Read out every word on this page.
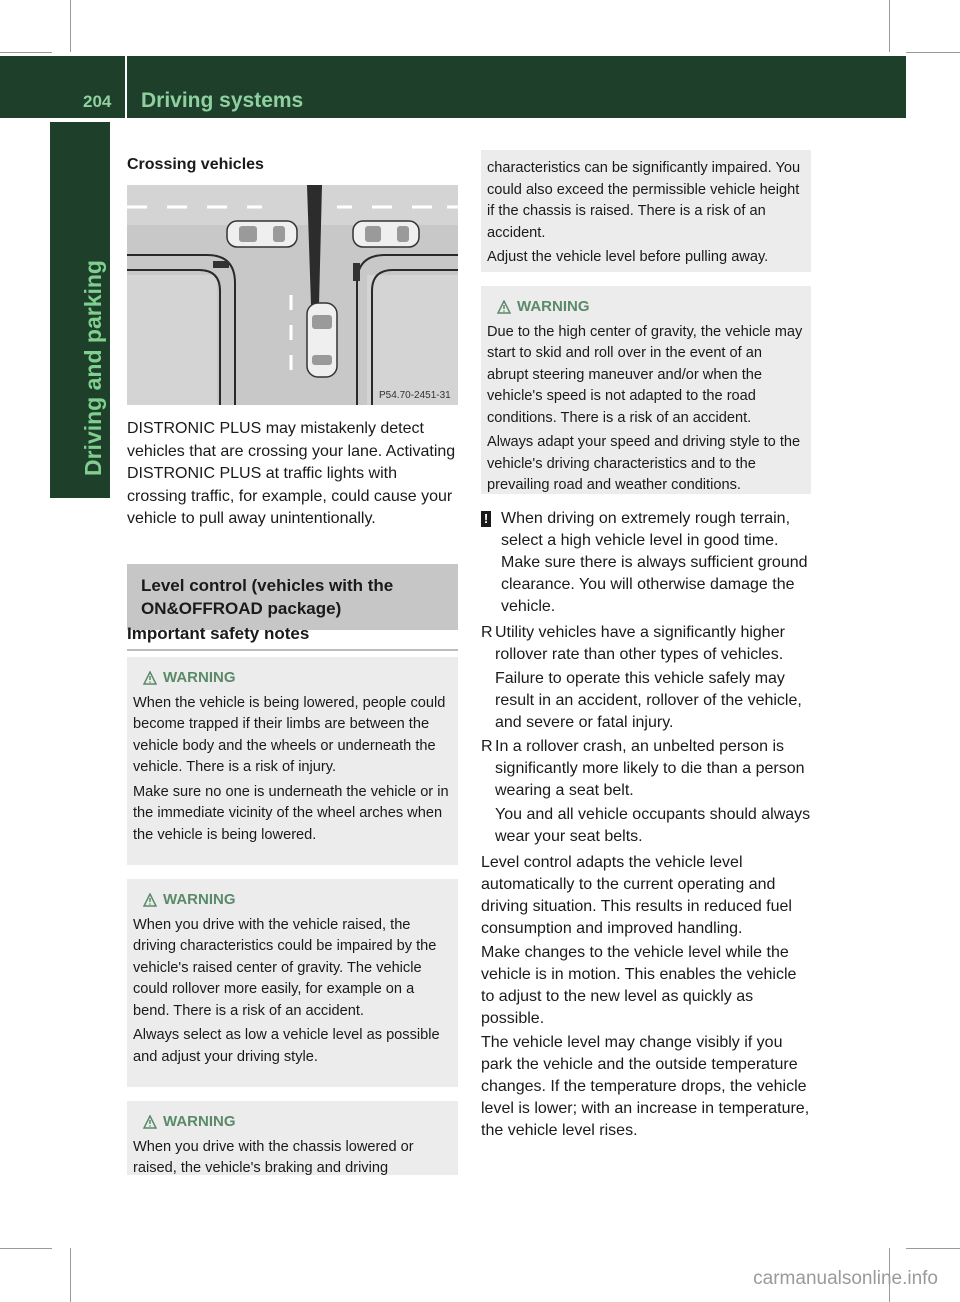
204 Driving systems
Driving and parking
Crossing vehicles
P54.70-2451-31
DISTRONIC PLUS may mistakenly detect vehicles that are crossing your lane. Activating DISTRONIC PLUS at traffic lights with crossing traffic, for example, could cause your vehicle to pull away unintentionally.
Level control (vehicles with the
ON&OFFROAD package)
Important safety notes
WARNING

When the vehicle is being lowered, people could become trapped if their limbs are between the vehicle body and the wheels or underneath the vehicle. There is a risk of injury.

Make sure no one is underneath the vehicle or in the immediate vicinity of the wheel arches when the vehicle is being lowered.

WARNING

When you drive with the vehicle raised, the driving characteristics could be impaired by the vehicle's raised center of gravity. The vehicle could rollover more easily, for example on a bend. There is a risk of an accident.

Always select as low a vehicle level as possible and adjust your driving style.

WARNING

When you drive with the chassis lowered or raised, the vehicle's braking and driving

characteristics can be significantly impaired. You could also exceed the permissible vehicle height if the chassis is raised. There is a risk of an accident.

Adjust the vehicle level before pulling away.

WARNING

Due to the high center of gravity, the vehicle may start to skid and roll over in the event of an abrupt steering maneuver and/or when the vehicle's speed is not adapted to the road conditions. There is a risk of an accident.

Always adapt your speed and driving style to the vehicle's driving characteristics and to the prevailing road and weather conditions.

! When driving on extremely rough terrain, select a high vehicle level in good time. Make sure there is always sufficient ground clearance. You will otherwise damage the vehicle.
R Utility vehicles have a significantly higher rollover rate than other types of vehicles.

Failure to operate this vehicle safely may result in an accident, rollover of the vehicle, and severe or fatal injury.

R In a rollover crash, an unbelted person is significantly more likely to die than a person wearing a seat belt.

You and all vehicle occupants should always wear your seat belts.

Level control adapts the vehicle level automatically to the current operating and driving situation. This results in reduced fuel consumption and improved handling.

Make changes to the vehicle level while the vehicle is in motion. This enables the vehicle to adjust to the new level as quickly as possible.

The vehicle level may change visibly if you park the vehicle and the outside temperature changes. If the temperature drops, the vehicle level is lower; with an increase in temperature, the vehicle level rises.

carmanualsonline.info
